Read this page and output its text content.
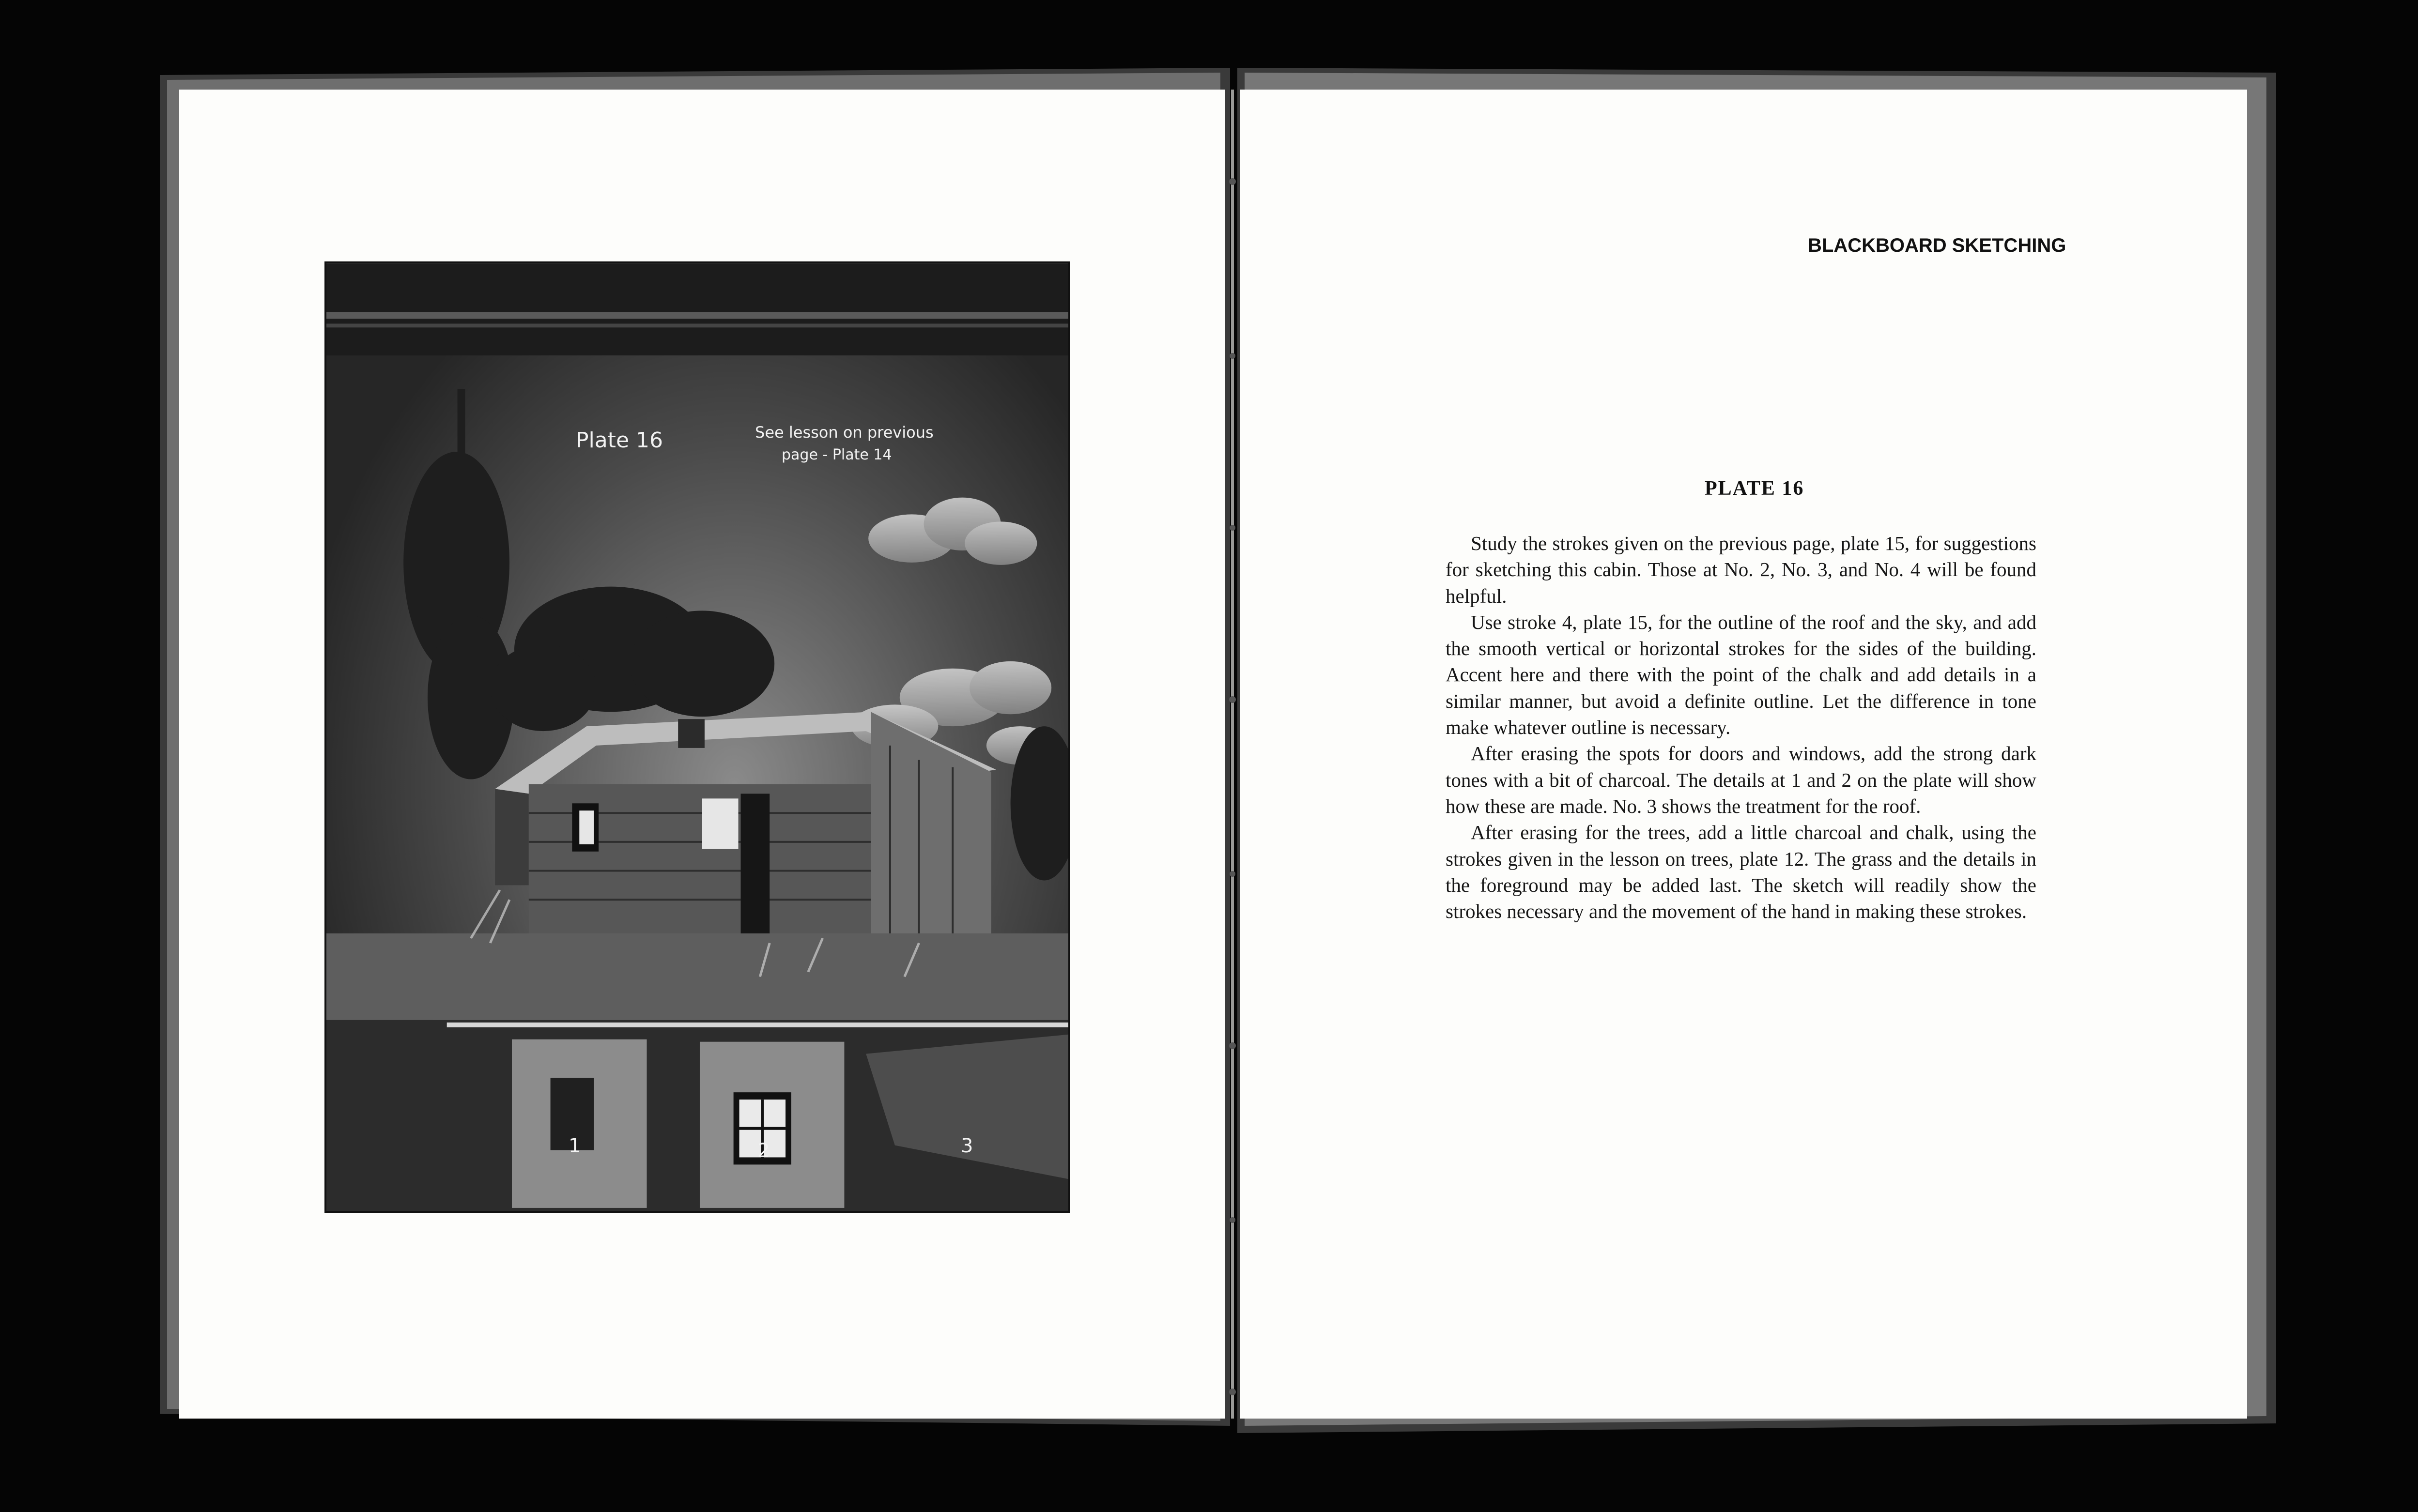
Plate 16	See lesson on previous
page - Plate 14
1	2	3
BLACKBOARD SKETCHING
PLATE 16

Study the strokes given on the previous page, plate 15, for suggestions for sketching this cabin. Those at No. 2, No. 3, and No. 4 will be found helpful.

Use stroke 4, plate 15, for the outline of the roof and the sky, and add the smooth vertical or horizontal strokes for the sides of the building. Accent here and there with the point of the chalk and add details in a similar manner, but avoid a definite outline. Let the difference in tone make whatever outline is necessary.

After erasing the spots for doors and windows, add the strong dark tones with a bit of charcoal. The details at 1 and 2 on the plate will show how these are made. No. 3 shows the treatment for the roof.

After erasing for the trees, add a little charcoal and chalk, using the strokes given in the lesson on trees, plate 12. The grass and the details in the foreground may be added last. The sketch will readily show the strokes necessary and the movement of the hand in making these strokes.
